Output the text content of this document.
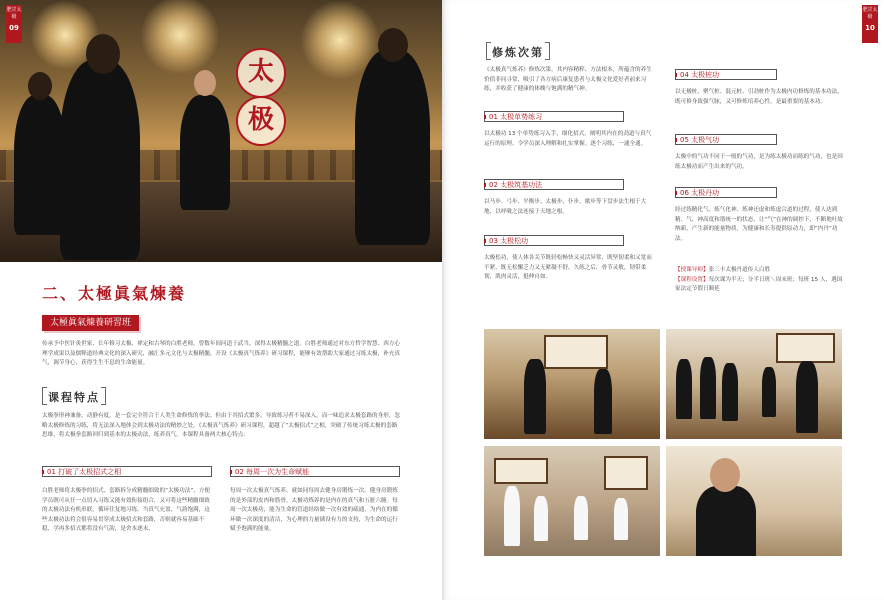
太
极
肥甘太极
09
二、太極眞氣煉養
太極眞氣煉養研習班
传承予中医针灸世家，长年修习太极、禅定和古琴的白胜老师，曾数年间问道于武当，深得太极精髓之道。白胜老师通过对东方哲学智慧、西方心理学成果以及儒释道经典文化的深入研究，融汇多元文化与太极精髓，开设《太极真气炼养》研习课程，能够有效帮助大家通过习练太极，补充真气，调节身心，获得生生不息的生命能量。
课程特点
太极拳形神兼备，动静有度，是一套完全符合于人类生命修炼的拳法。但由于其招式繁多，导致练习者不易深入，而一味追求太极套路的身形，忽略太极修炼的习练，将无法深入地体会到太极功法的精妙之处。《太极真气炼养》研习课程，超越了“太极招式”之相，突破了传统习练太极的套路思维，将太极拳套路回归到基本的太极动法，练养真气。本课程具备两大核心特点：
01 打破了太极招式之相	02 每周一次为生命赋能
白胜老师将太极拳的招式、套路拆分成精髓细致的“太极功法”，方便学员既可从任一点切入习练又能有效衔接组合，又可将这些精髓细致的太极功法有机串联，循环往复地习练。当真气充盈、气韵饱满，这些太极功法将会很容易贯穿成太极招式和套路，否则就容易基础不稳，学再多招式都将没有气韵，是舍本逐末。
每周一次太极真气炼养，就如同每周去健身房锻炼一次。健身房锻炼的是外部的皮肉和筋骨，太极功炼养的是内在的真气和五脏六腑。每周一次太极功，能为生命的管道经络做一次有效的疏通，为内在的循环做一次深度的清洁，为心理的力量铺设有力的支持，为生命的运行赋予饱满的能量。
肥甘太极
10
修炼次第
《太极真气炼养》修炼次第，其内容精粹、方法根本，所蕴含的养生价值非同寻常，吸引了各方病后康复患者与太极文化爱好者前来习练，并收获了健康的体魄与饱满的精气神。
01 太极单势练习
以太极功 13 个单势练习入手，细化招式，阐明其内在的劲道与真气运行的原理。令学员深入理解和扎实掌握。逐个习练，一通全通。
02 太极筑基功法
以马步、弓步、平衡步、太极步、仆步、歇步等下盘步法生根于大地，以呼吸之法连接于天地之根。
03 太极松功
太极松功，使人体各关节既轻松畅快又灵活异常，既坚韧柔和又宽而不紧，既无松懈乏力又无紧凝不舒。久练之后，骨节灵敏，韧带柔韧，肌肉灵活，挺伸自如。
04 太极桩功
以无极桩、聚气桩、混元桩、引劲桩作为太极内功修炼的基本功法，既可修身致强气脉，又可修炼培养心性，是最重要的基本功。
05 太极气功
太极中的气功不同于一般的气功，是为练太极功而练的气功，也是因练太极功而产生出来的气功。
06 太极丹功
经过练精化气、炼气化神、炼神还虚和炼虚合道的过程，使人达到精、气、神高度和谐统一的状态，让“气”在神的调控下，不断地吐故纳新，产生新的能量物质，为健康和长寿提供原动力，即“内丹”功法。
【授课导师】张三丰太极丹道传人白胜
【课程设置】每次课为半天；分半日班＼周末班；每班 15 人，遇国家法定节假日顺延
